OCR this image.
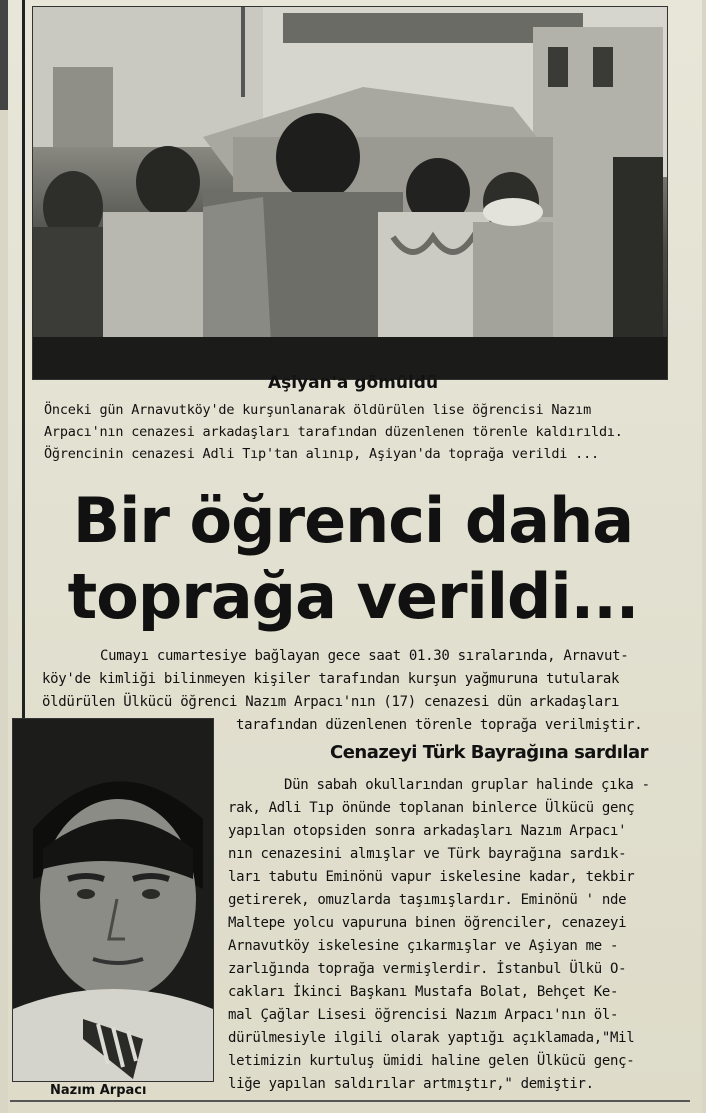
Aşiyan'a gömüldü
Önceki gün Arnavutköy'de kurşunlanarak öldürülen lise öğrencisi Nazım
Arpacı'nın cenazesi arkadaşları tarafından düzenlenen törenle kaldırıldı.
Öğrencinin cenazesi Adli Tıp'tan alınıp, Aşiyan'da toprağa verildi ...
Bir öğrenci daha
toprağa verildi...
Cumayı cumartesiye bağlayan gece saat 01.30 sıralarında, Arnavut-
köy'de kimliği bilinmeyen kişiler tarafından kurşun yağmuruna tutularak
öldürülen Ülkücü öğrenci Nazım Arpacı'nın (17) cenazesi dün arkadaşları
tarafından düzenlenen törenle toprağa verilmiştir.
Cenazeyi Türk Bayrağına sardılar
Nazım Arpacı
Dün sabah okullarından gruplar halinde çıka -
rak, Adli Tıp önünde toplanan binlerce Ülkücü genç
yapılan otopsiden sonra arkadaşları Nazım Arpacı'
nın cenazesini almışlar ve Türk bayrağına sardık-
ları tabutu Eminönü vapur iskelesine kadar, tekbir
getirerek, omuzlarda taşımışlardır. Eminönü ' nde
Maltepe yolcu vapuruna binen öğrenciler, cenazeyi
Arnavutköy iskelesine çıkarmışlar ve Aşiyan me -
zarlığında toprağa vermişlerdir. İstanbul Ülkü O-
cakları İkinci Başkanı Mustafa Bolat, Behçet Ke-
mal Çağlar Lisesi öğrencisi Nazım Arpacı'nın öl-
dürülmesiyle ilgili olarak yaptığı açıklamada,"Mil
letimizin kurtuluş ümidi haline gelen Ülkücü genç-
liğe yapılan saldırılar artmıştır," demiştir.
